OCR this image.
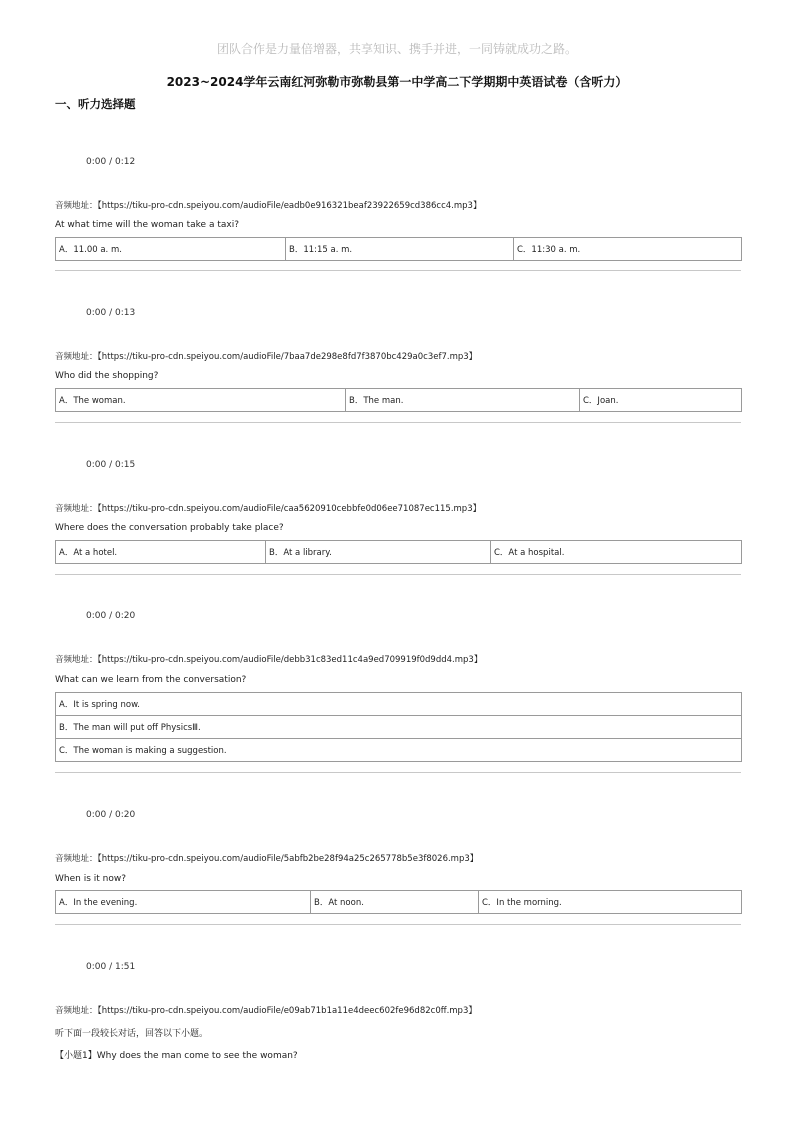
团队合作是力量倍增器，共享知识、携手并进，一同铸就成功之路。
2023~2024学年云南红河弥勒市弥勒县第一中学高二下学期期中英语试卷（含听力）
一、听力选择题
0:00 / 0:12
音频地址：【https://tiku-pro-cdn.speiyou.com/audioFile/eadb0e916321beaf23922659cd386cc4.mp3】
At what time will the woman take a taxi?
A．11.00 a. m.	B．11:15 a. m.	C．11:30 a. m.
0:00 / 0:13
音频地址：【https://tiku-pro-cdn.speiyou.com/audioFile/7baa7de298e8fd7f3870bc429a0c3ef7.mp3】
Who did the shopping?
A．The woman.	B．The man.	C．Joan.
0:00 / 0:15
音频地址：【https://tiku-pro-cdn.speiyou.com/audioFile/caa5620910cebbfe0d06ee71087ec115.mp3】
Where does the conversation probably take place?
A．At a hotel.	B．At a library.	C．At a hospital.
0:00 / 0:20
音频地址：【https://tiku-pro-cdn.speiyou.com/audioFile/debb31c83ed11c4a9ed709919f0d9dd4.mp3】
What can we learn from the conversation?
A．It is spring now.
B．The man will put off PhysicsⅢ.
C．The woman is making a suggestion.
0:00 / 0:20
音频地址：【https://tiku-pro-cdn.speiyou.com/audioFile/5abfb2be28f94a25c265778b5e3f8026.mp3】
When is it now?
A．In the evening.	B．At noon.	C．In the morning.
0:00 / 1:51
音频地址：【https://tiku-pro-cdn.speiyou.com/audioFile/e09ab71b1a11e4deec602fe96d82c0ff.mp3】
听下面一段较长对话，回答以下小题。
【小题1】Why does the man come to see the woman?
